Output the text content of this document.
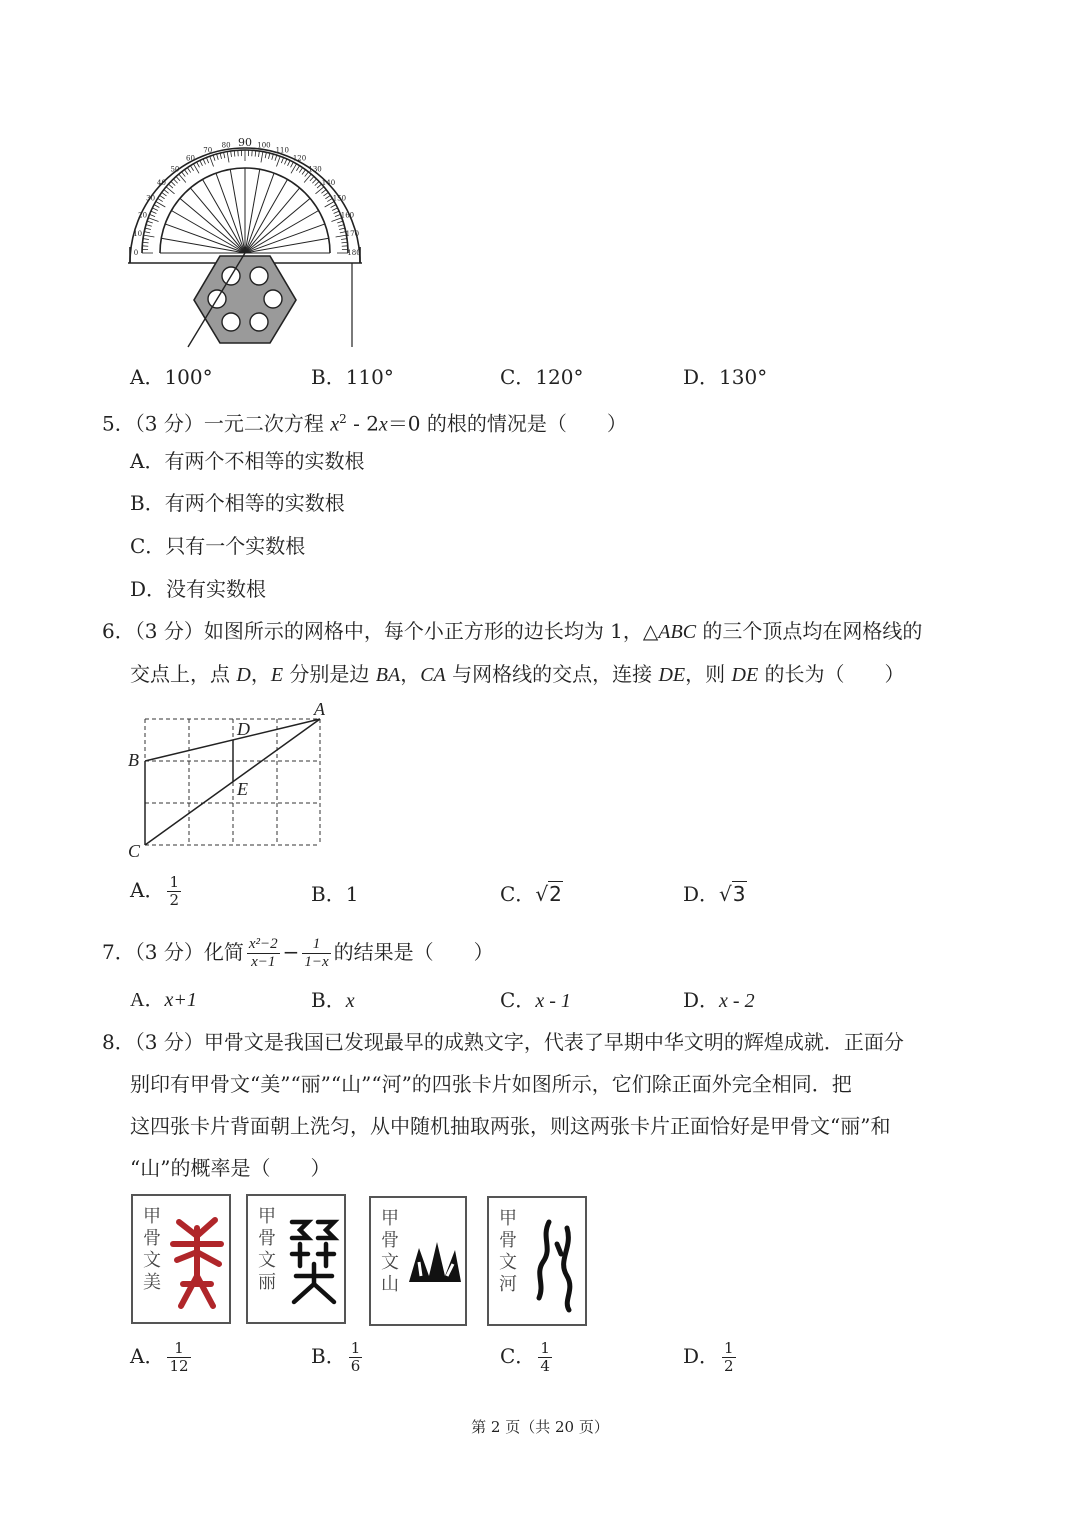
0
10
20
30
40
50
60
70
80 90 100
110
120
130
140
150
160
170
180
A．100°	B．110°	C．120°	D．130°
5．（3 分）一元二次方程 $x^2 - 2x=0$ 的根的情况是（　　）
A．有两个不相等的实数根
B．有两个相等的实数根
C．只有一个实数根
D．没有实数根
6．（3 分）如图所示的网格中，每个小正方形的边长均为 1，△ABC 的三个顶点均在网格线的
交点上，点 D，E 分别是边 BA，CA 与网格线的交点，连接 DE，则 DE 的长为（　　）
A
B
C
D
E
A． $\frac{1}{2}$	B．1	C．√2	D．√3
7．（3 分）化简 $\frac{\text{x²−2}}{x-1} - \frac{1}{1-x}$ 的结果是（　　）
A．x+1	B．x	C．x - 1	D．x - 2
8．（3 分）甲骨文是我国已发现最早的成熟文字，代表了早期中华文明的辉煌成就．正面分
别印有甲骨文“美”“丽”“山”“河”的四张卡片如图所示，它们除正面外完全相同．把
这四张卡片背面朝上洗匀，从中随机抽取两张，则这两张卡片正面恰好是甲骨文“丽”和
“山”的概率是（　　）
甲骨文美
甲骨文丽
甲骨文山
甲骨文河
A． $\frac{1}{12}$	B． $\frac{1}{6}$	C． $\frac{1}{4}$	D． $\frac{1}{2}$
第 2 页（共 20 页）
